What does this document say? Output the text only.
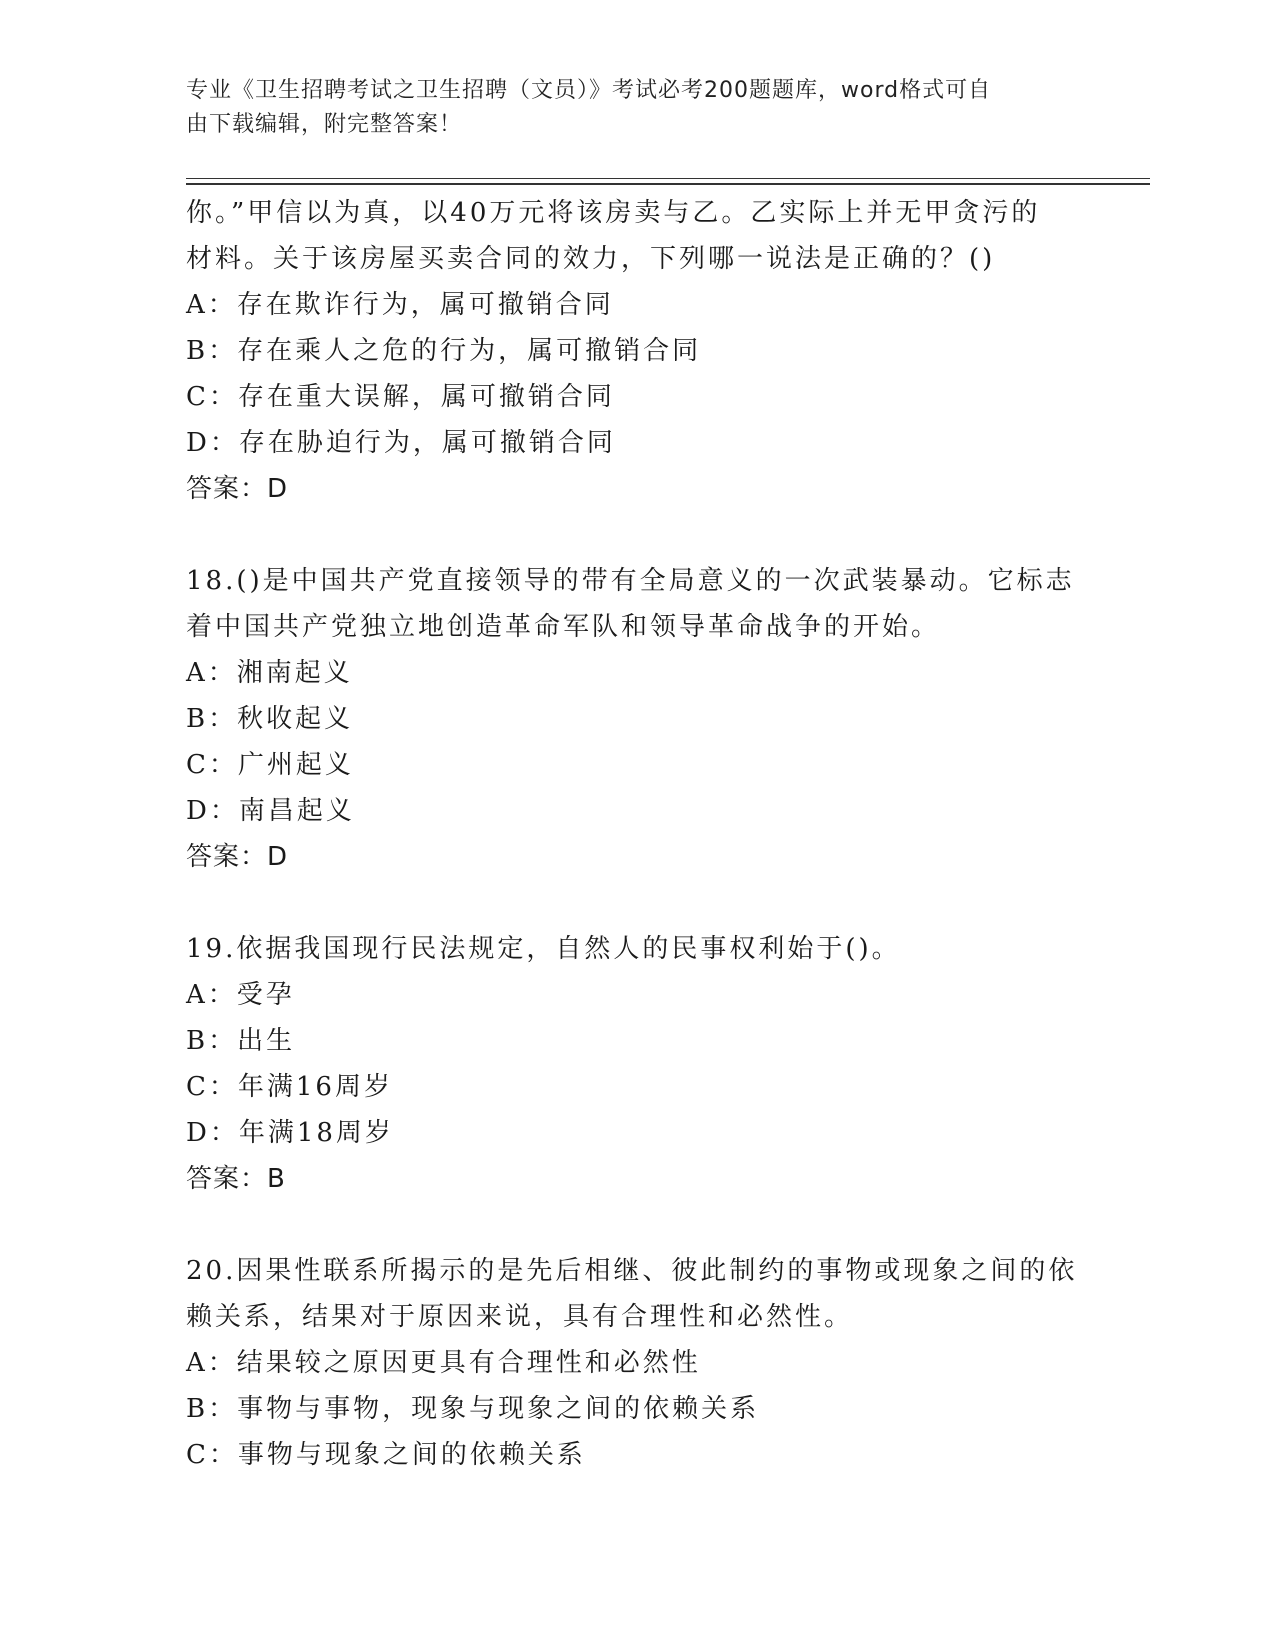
专业《卫生招聘考试之卫生招聘（文员）》考试必考200题题库，word格式可自
由下载编辑，附完整答案！
你。”甲信以为真，以40万元将该房卖与乙。乙实际上并无甲贪污的
材料。关于该房屋买卖合同的效力，下列哪一说法是正确的？()
A：存在欺诈行为，属可撤销合同
B：存在乘人之危的行为，属可撤销合同
C：存在重大误解，属可撤销合同
D：存在胁迫行为，属可撤销合同
答案：D
18.()是中国共产党直接领导的带有全局意义的一次武装暴动。它标志
着中国共产党独立地创造革命军队和领导革命战争的开始。
A：湘南起义
B：秋收起义
C：广州起义
D：南昌起义
答案：D
19.依据我国现行民法规定，自然人的民事权利始于()。
A：受孕
B：出生
C：年满16周岁
D：年满18周岁
答案：B
20.因果性联系所揭示的是先后相继、彼此制约的事物或现象之间的依
赖关系，结果对于原因来说，具有合理性和必然性。
A：结果较之原因更具有合理性和必然性
B：事物与事物，现象与现象之间的依赖关系
C：事物与现象之间的依赖关系
